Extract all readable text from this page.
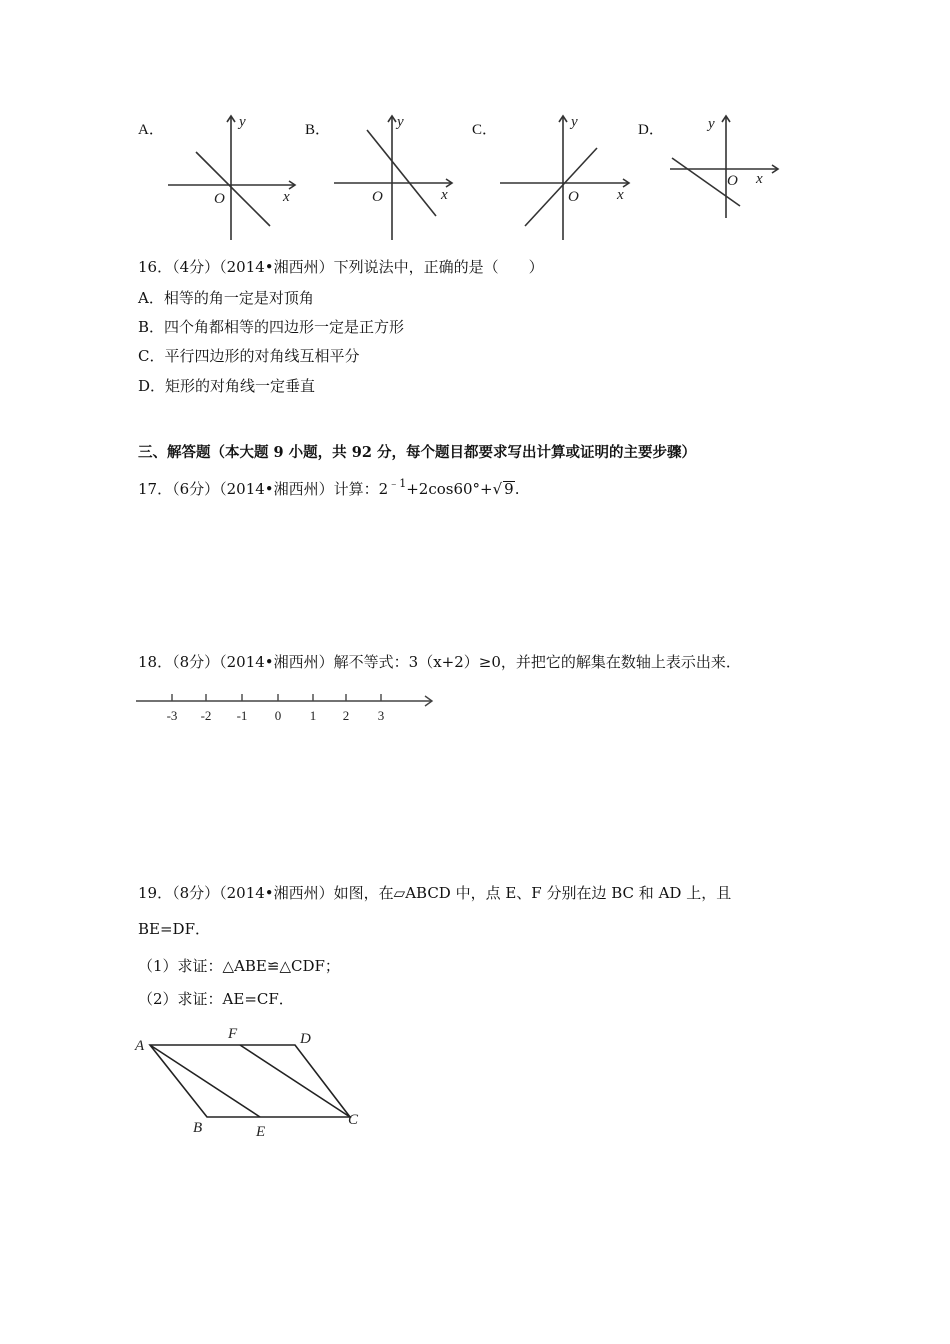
A．	B．	C．	D．
y
x
O
y
x
O
y
x
O
y
x
O
16．（4分）（2014•湘西州）下列说法中，正确的是（　　）
A．相等的角一定是对顶角
B．四个角都相等的四边形一定是正方形
C．平行四边形的对角线互相平分
D．矩形的对角线一定垂直
三、解答题（本大题 9 小题，共 92 分，每个题目都要求写出计算或证明的主要步骤）
17．（6分）（2014•湘西州）计算：$2^{﹣1}+2\cos 60^\circ+√$ 9.
18．（8分）（2014•湘西州）解不等式：3（x+2）≥0，并把它的解集在数轴上表示出来．
-3 -2 -1 0 1 2 3
19．（8分）（2014•湘西州）如图，在▱ABCD 中，点 E、F 分别在边 BC 和 AD 上，且
BE=DF．
（1）求证：△ABE≌△CDF；
（2）求证：AE=CF．
A
B	C
D
E
F
